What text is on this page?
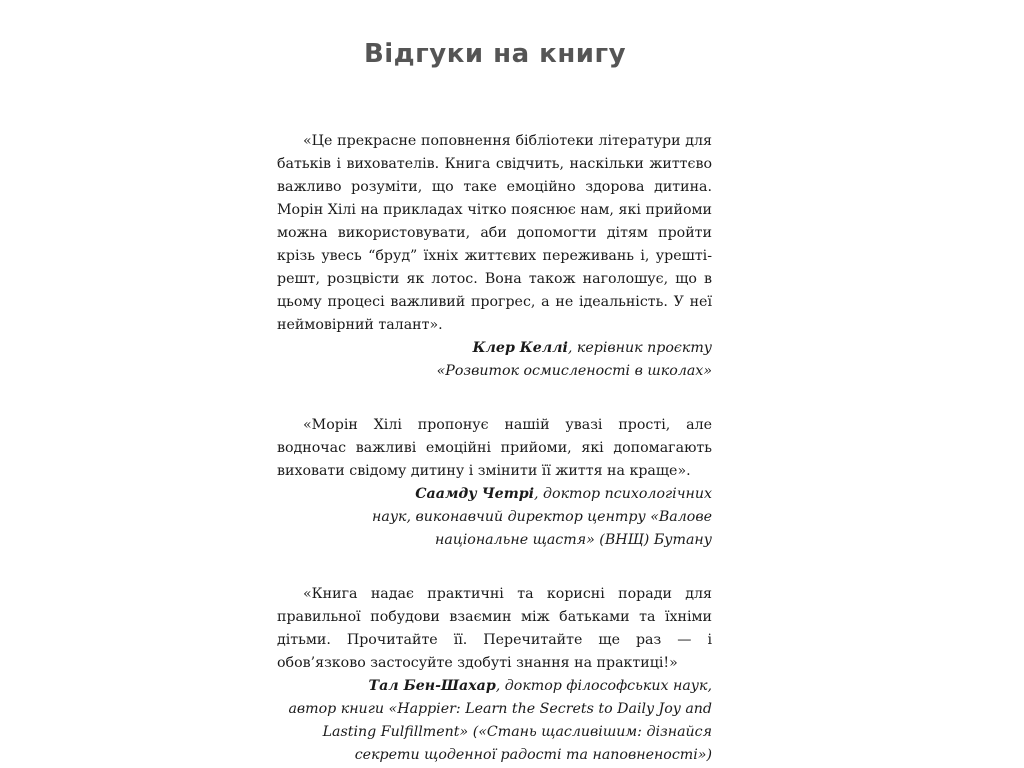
Відгуки на книгу

«Це прекрасне поповнення бібліотеки літератури для батьків і вихователів. Книга свідчить, наскільки життєво важливо розуміти, що таке емоційно здорова дитина. Морін Хілі на прикладах чітко пояснює нам, які прийоми можна використовувати, аби допомогти дітям пройти крізь увесь “бруд” їхніх життєвих переживань і, урешті-решт, розцвісти як лотос. Вона також наголошує, що в цьому процесі важливий прогрес, а не ідеальність. У неї неймовірний талант».

Клер Келлі, керівник проєкту
«Розвиток осмисленості в школах»

«Морін Хілі пропонує нашій увазі прості, але водночас важливі емоційні прийоми, які допомагають виховати свідому дитину і змінити її життя на краще».

Саамду Четрі, доктор психологічних
наук, виконавчий директор центру «Валове
національне щастя» (ВНЩ) Бутану

«Книга надає практичні та корисні поради для правильної побудови взаємин між батьками та їхніми дітьми. Прочитайте її. Перечитайте ще раз — і обов’язково застосуйте здобуті знання на практиці!»

Тал Бен-Шахар, доктор філософських наук,
автор книги «Happier: Learn the Secrets to Daily Joy and
Lasting Fulfillment» («Стань щасливішим: дізнайся
секрети щоденної радості та наповненості»)
